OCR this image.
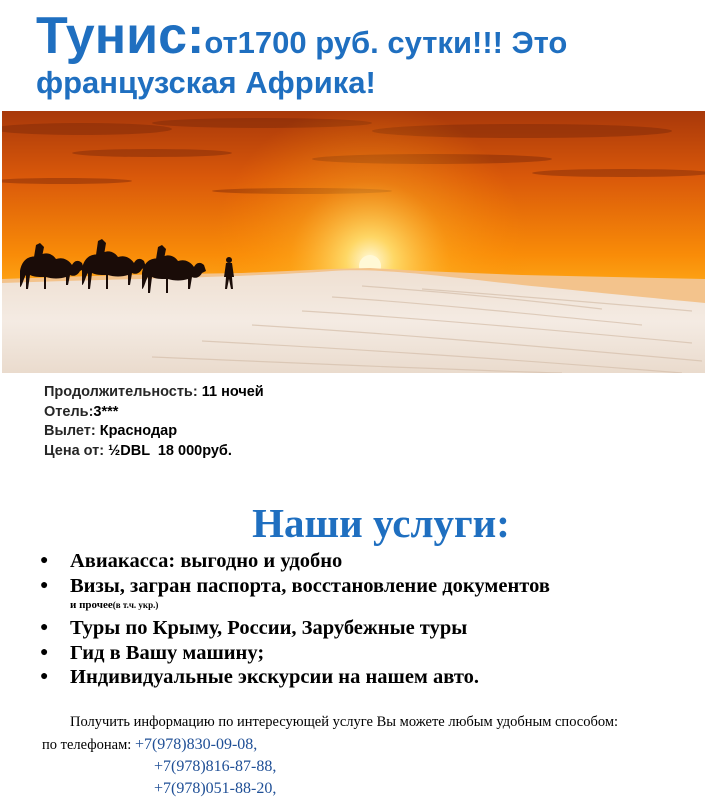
Тунис:от1700 руб. сутки!!! Это
французская Африка!
Продолжительность: 11 ночей
Отель:3***
Вылет: Краснодар
Цена от: ½DBL  18 000руб.
Наши услуги:
● Авиакасса: выгодно и удобно
● Визы, загран паспорта, восстановление документов
и прочее(в т.ч. укр.)
● Туры по Крыму, России, Зарубежные туры
● Гид в Вашу машину;
● Индивидуальные экскурсии на нашем авто.
Получить информацию по интересующей услуге Вы можете любым удобным способом:
по телефонам: +7(978)830-09-08,
+7(978)816-87-88,
+7(978)051-88-20,
